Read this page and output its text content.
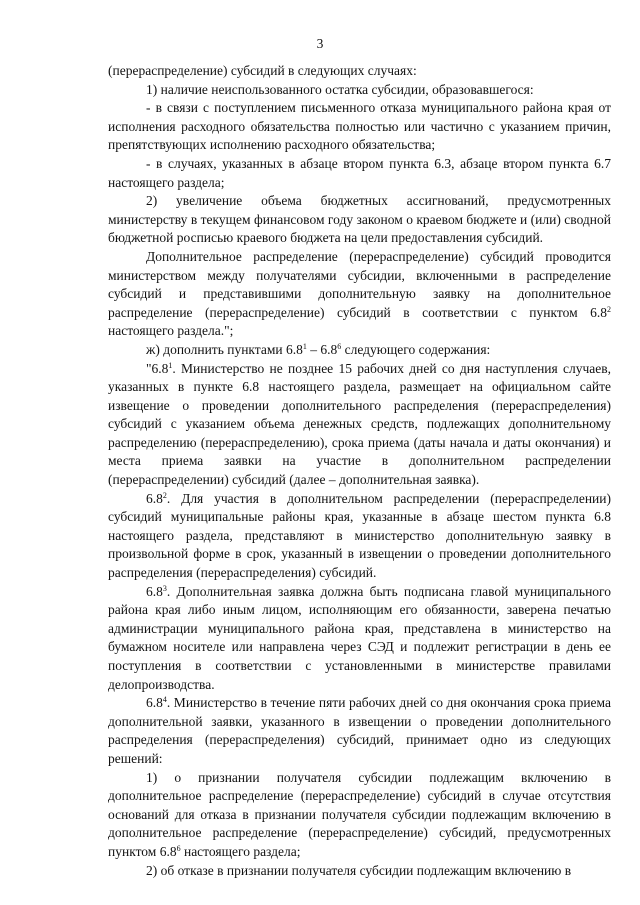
3

(перераспределение) субсидий в следующих случаях:

1) наличие неиспользованного остатка субсидии, образовавшегося:

- в связи с поступлением письменного отказа муниципального района края от исполнения расходного обязательства полностью или частично с указанием причин, препятствующих исполнению расходного обязательства;

- в случаях, указанных в абзаце втором пункта 6.3, абзаце втором пункта 6.7 настоящего раздела;

2) увеличение объема бюджетных ассигнований, предусмотренных министерству в текущем финансовом году законом о краевом бюджете и (или) сводной бюджетной росписью краевого бюджета на цели предоставления субсидий.

Дополнительное распределение (перераспределение) субсидий проводится министерством между получателями субсидии, включенными в распределение субсидий и представившими дополнительную заявку на дополнительное распределение (перераспределение) субсидий в соответствии с пунктом $6.8^2$ настоящего раздела.";

ж) дополнить пунктами $6.8^1 - 6.8^6$ следующего содержания:

"$6.8^1$. Министерство не позднее 15 рабочих дней со дня наступления случаев, указанных в пункте 6.8 настоящего раздела, размещает на официальном сайте извещение о проведении дополнительного распределения (перераспределения) субсидий с указанием объема денежных средств, подлежащих дополнительному распределению (перераспределению), срока приема (даты начала и даты окончания) и места приема заявки на участие в дополнительном распределении (перераспределении) субсидий (далее – дополнительная заявка).

$6.8^2$. Для участия в дополнительном распределении (перераспределении) субсидий муниципальные районы края, указанные в абзаце шестом пункта 6.8 настоящего раздела, представляют в министерство дополнительную заявку в произвольной форме в срок, указанный в извещении о проведении дополнительного распределения (перераспределения) субсидий.

$6.8^3$. Дополнительная заявка должна быть подписана главой муниципального района края либо иным лицом, исполняющим его обязанности, заверена печатью администрации муниципального района края, представлена в министерство на бумажном носителе или направлена через СЭД и подлежит регистрации в день ее поступления в соответствии с установленными в министерстве правилами делопроизводства.

$6.8^4$. Министерство в течение пяти рабочих дней со дня окончания срока приема дополнительной заявки, указанного в извещении о проведении дополнительного распределения (перераспределения) субсидий, принимает одно из следующих решений:

1) о признании получателя субсидии подлежащим включению в дополнительное распределение (перераспределение) субсидий в случае отсутствия оснований для отказа в признании получателя субсидии подлежащим включению в дополнительное распределение (перераспределение) субсидий, предусмотренных пунктом $6.8^6$ настоящего раздела;

2) об отказе в признании получателя субсидии подлежащим включению в
